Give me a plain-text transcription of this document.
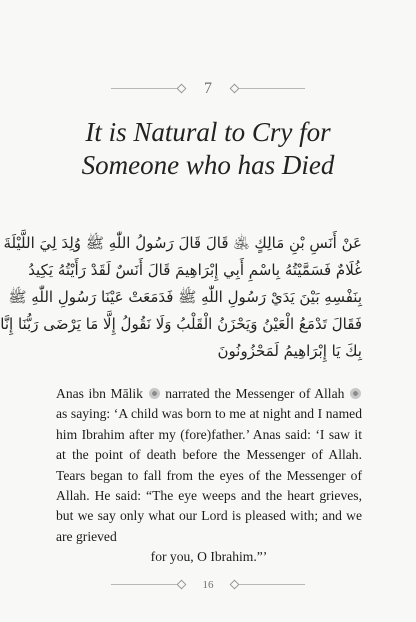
7
It is Natural to Cry for
Someone who has Died
عَنْ أَنَسِ بْنِ مَالِكٍ ﵁ قَالَ قَالَ رَسُولُ اللّٰهِ ﷺ وُلِدَ لِيَ اللَّيْلَةَ
غُلَامٌ فَسَمَّيْتُهُ بِاسْمِ أَبِي إِبْرَاهِيمَ قَالَ أَنَسٌ لَقَدْ رَأَيْتُهُ يَكِيدُ
بِنَفْسِهِ بَيْنَ يَدَيْ رَسُولِ اللّٰهِ ﷺ فَدَمَعَتْ عَيْنَا رَسُولِ اللّٰهِ ﷺ
فَقَالَ تَدْمَعُ الْعَيْنُ وَيَحْزَنُ الْقَلْبُ وَلَا نَقُولُ إِلَّا مَا يَرْضَى رَبُّنَا إِنَّا
بِكَ يَا إِبْرَاهِيمُ لَمَحْزُونُونَ

Anas ibn Mālik narrated the Messenger of Allah  as saying: ‘A child was born to me at night and I named him Ibrahim after my (fore)father.’ Anas said: ‘I saw it at the point of death before the Messenger of Allah. Tears began to fall from the eyes of the Messenger of Allah. He said: “The eye weeps and the heart grieves, but we say only what our Lord is pleased with; and we are grieved
for you, O Ibrahim.”’

16
